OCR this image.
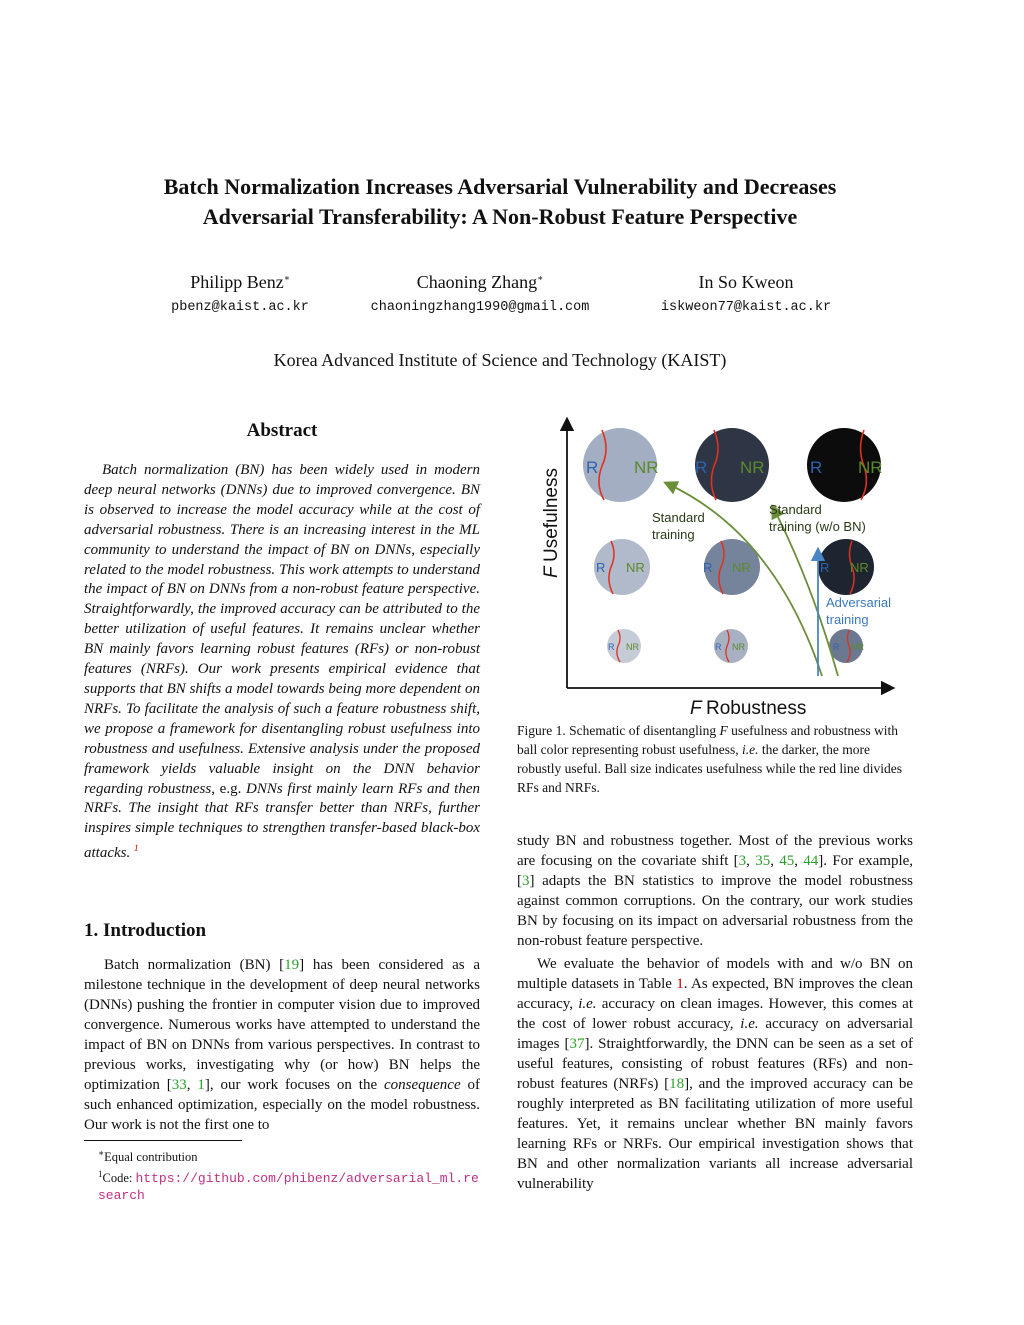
Batch Normalization Increases Adversarial Vulnerability and Decreases
Adversarial Transferability: A Non-Robust Feature Perspective
Philipp Benz∗
pbenz@kaist.ac.kr
Chaoning Zhang∗
chaoningzhang1990@gmail.com
In So Kweon
iskweon77@kaist.ac.kr
Korea Advanced Institute of Science and Technology (KAIST)
Abstract
Batch normalization (BN) has been widely used in modern deep neural networks (DNNs) due to improved convergence. BN is observed to increase the model accuracy while at the cost of adversarial robustness. There is an increasing interest in the ML community to understand the impact of BN on DNNs, especially related to the model robustness. This work attempts to understand the impact of BN on DNNs from a non-robust feature perspective. Straightforwardly, the improved accuracy can be attributed to the better utilization of useful features. It remains unclear whether BN mainly favors learning robust features (RFs) or non-robust features (NRFs). Our work presents empirical evidence that supports that BN shifts a model towards being more dependent on NRFs. To facilitate the analysis of such a feature robustness shift, we propose a framework for disentangling robust usefulness into robustness and usefulness. Extensive analysis under the proposed framework yields valuable insight on the DNN behavior regarding robustness, e.g. DNNs first mainly learn RFs and then NRFs. The insight that RFs transfer better than NRFs, further inspires simple techniques to strengthen transfer-based black-box attacks. $^1$
1. Introduction
Batch normalization (BN) [19] has been considered as a milestone technique in the development of deep neural networks (DNNs) pushing the frontier in computer vision due to improved convergence. Numerous works have attempted to understand the impact of BN on DNNs from various perspectives. In contrast to previous works, investigating why (or how) BN helps the optimization [33, 1], our work focuses on the consequence of such enhanced optimization, especially on the model robustness. Our work is not the first one to
∗Equal contribution
$^1$Code: https://github.com/phibenz/adversarial_ml.research
R NR R NR	R NR
R NR	R NR	R NR
R NR	R NR	R NR
Standard
training
Standard
training (w/o BN)
Adversarial
training
F
Usefulness
F Robustness
Figure 1. Schematic of disentangling F usefulness and robustness with ball color representing robust usefulness, i.e. the darker, the more robustly useful. Ball size indicates usefulness while the red line divides RFs and NRFs.
study BN and robustness together. Most of the previous works are focusing on the covariate shift [3, 35, 45, 44]. For example, [3] adapts the BN statistics to improve the model robustness against common corruptions. On the contrary, our work studies BN by focusing on its impact on adversarial robustness from the non-robust feature perspective.
We evaluate the behavior of models with and w/o BN on multiple datasets in Table 1. As expected, BN improves the clean accuracy, i.e. accuracy on clean images. However, this comes at the cost of lower robust accuracy, i.e. accuracy on adversarial images [37]. Straightforwardly, the DNN can be seen as a set of useful features, consisting of robust features (RFs) and non-robust features (NRFs) [18], and the improved accuracy can be roughly interpreted as BN facilitating utilization of more useful features. Yet, it remains unclear whether BN mainly favors learning RFs or NRFs. Our empirical investigation shows that BN and other normalization variants all increase adversarial vulnerability
